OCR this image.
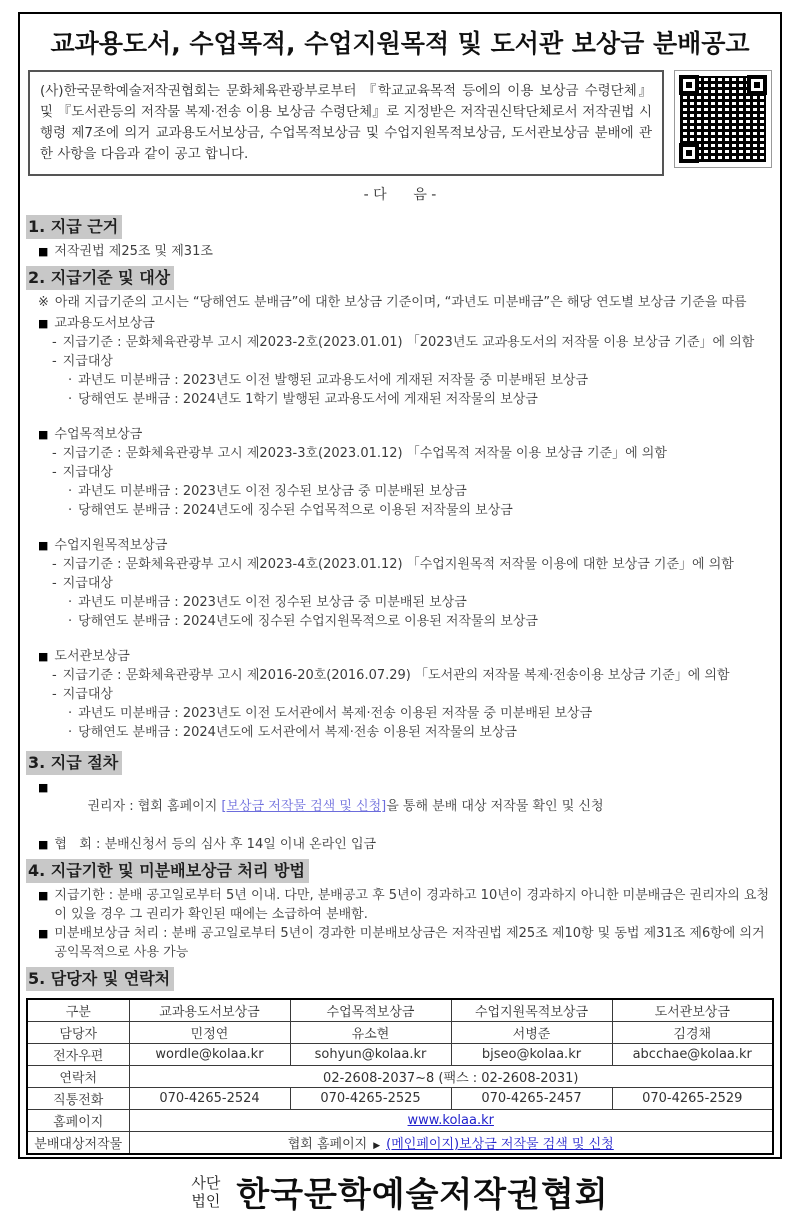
교과용도서, 수업목적, 수업지원목적 및 도서관 보상금 분배공고
(사)한국문학예술저작권협회는 문화체육관광부로부터 『학교교육목적 등에의 이용 보상금 수령단체』 및 『도서관등의 저작물 복제·전송 이용 보상금 수령단체』로 지정받은 저작권신탁단체로서 저작권법 시행령 제7조에 의거 교과용도서보상금, 수업목적보상금 및 수업지원목적보상금, 도서관보상금 분배에 관한 사항을 다음과 같이 공고 합니다.
- 다      음 -
1. 지급 근거
■ 저작권법 제25조 및 제31조
2. 지급기준 및 대상
※ 아래 지급기준의 고시는 “당해연도 분배금”에 대한 보상금 기준이며, “과년도 미분배금”은 해당 연도별 보상금 기준을 따름
■ 교과용도서보상금
- 지급기준 : 문화체육관광부 고시 제2023-2호(2023.01.01) 「2023년도 교과용도서의 저작물 이용 보상금 기준」에 의함
- 지급대상
· 과년도 미분배금 : 2023년도 이전 발행된 교과용도서에 게재된 저작물 중 미분배된 보상금
· 당해연도 분배금 : 2024년도 1학기 발행된 교과용도서에 게재된 저작물의 보상금
■ 수업목적보상금
- 지급기준 : 문화체육관광부 고시 제2023-3호(2023.01.12) 「수업목적 저작물 이용 보상금 기준」에 의함
- 지급대상
· 과년도 미분배금 : 2023년도 이전 징수된 보상금 중 미분배된 보상금
· 당해연도 분배금 : 2024년도에 징수된 수업목적으로 이용된 저작물의 보상금
■ 수업지원목적보상금
- 지급기준 : 문화체육관광부 고시 제2023-4호(2023.01.12) 「수업지원목적 저작물 이용에 대한 보상금 기준」에 의함
- 지급대상
· 과년도 미분배금 : 2023년도 이전 징수된 보상금 중 미분배된 보상금
· 당해연도 분배금 : 2024년도에 징수된 수업지원목적으로 이용된 저작물의 보상금
■ 도서관보상금
- 지급기준 : 문화체육관광부 고시 제2016-20호(2016.07.29) 「도서관의 저작물 복제·전송이용 보상금 기준」에 의함
- 지급대상
· 과년도 미분배금 : 2023년도 이전 도서관에서 복제·전송 이용된 저작물 중 미분배된 보상금
· 당해연도 분배금 : 2024년도에 도서관에서 복제·전송 이용된 저작물의 보상금
3. 지급 절차
■

권리자 : 협회 홈페이지 [보상금 저작물 검색 및 신청]을 통해 분배 대상 저작물 확인 및 신청

■ 협   회 : 분배신청서 등의 심사 후 14일 이내 온라인 입금
4. 지급기한 및 미분배보상금 처리 방법
■ 지급기한 : 분배 공고일로부터 5년 이내. 다만, 분배공고 후 5년이 경과하고 10년이 경과하지 아니한 미분배금은 권리자의 요청이 있을 경우 그 권리가 확인된 때에는 소급하여 분배함.
■ 미분배보상금 처리 : 분배 공고일로부터 5년이 경과한 미분배보상금은 저작권법 제25조 제10항 및 동법 제31조 제6항에 의거 공익목적으로 사용 가능
5. 담당자 및 연락처
구분	교과용도서보상금	수업목적보상금	수업지원목적보상금	도서관보상금
담당자	민정연	유소현	서병준	김경채
전자우편	wordle@kolaa.kr	sohyun@kolaa.kr	bjseo@kolaa.kr	abcchae@kolaa.kr
연락처	02-2608-2037~8 (팩스 : 02-2608-2031)			
직통전화	070-4265-2524	070-4265-2525	070-4265-2457	070-4265-2529
홈페이지	www.kolaa.kr			
분배대상저작물	협회 홈페이지 ▶ (메인페이지)보상금 저작물 검색 및 신청			
사단
법인 한국문학예술저작권협회
